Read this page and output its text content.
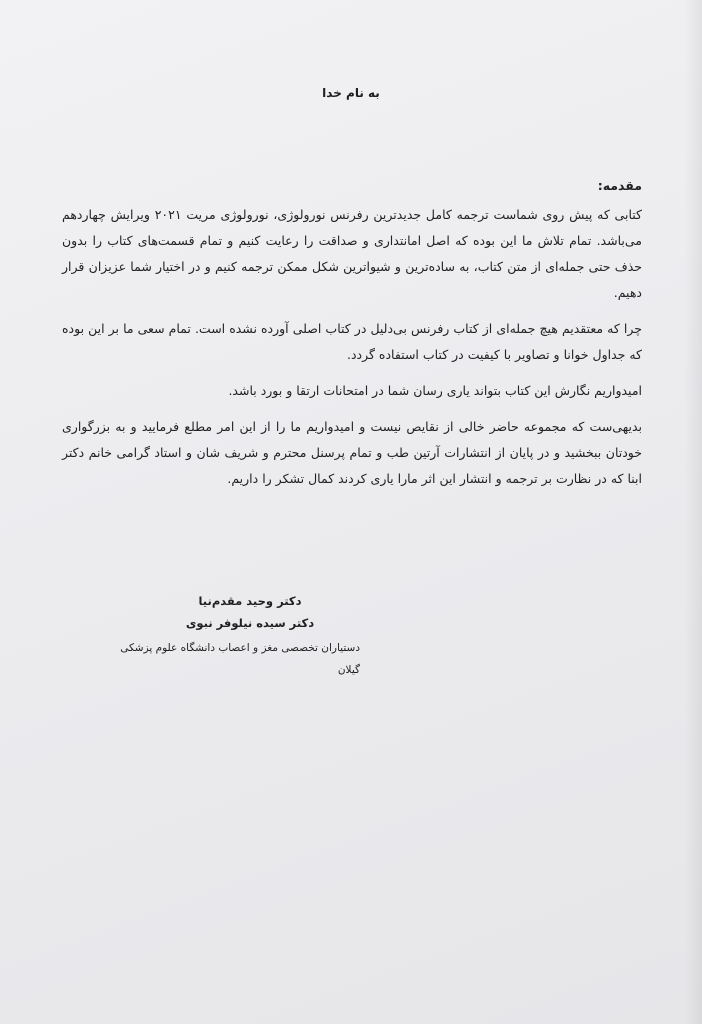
به نام خدا
مقدمه:

کتابی که پیش روی شماست ترجمه کامل جدیدترین رفرنس نورولوژی، نورولوژی مریت ۲۰۲۱ ویرایش چهاردهم می‌باشد. تمام تلاش ما این بوده که اصل امانتداری و صداقت را رعایت کنیم و تمام قسمت‌های کتاب را بدون حذف حتی جمله‌ای از متن کتاب، به ساده‌ترین و شیواترین شکل ممکن ترجمه کنیم و در اختیار شما عزیزان قرار دهیم.

چرا که معتقدیم هیچ جمله‌ای از کتاب رفرنس بی‌دلیل در کتاب اصلی آورده نشده است. تمام سعی ما بر این بوده که جداول خوانا و تصاویر با کیفیت در کتاب استفاده گردد.

امیدواریم نگارش این کتاب بتواند یاری رسان شما در امتحانات ارتقا و بورد باشد.

بدیهی‌ست که مجموعه حاضر خالی از نقایص نیست و امیدواریم ما را از این امر مطلع فرمایید و به بزرگواری خودتان ببخشید و در پایان از انتشارات آرتین طب و تمام پرسنل محترم و شریف شان و استاد گرامی خانم دکتر ابنا که در نظارت بر ترجمه و انتشار این اثر مارا یاری کردند کمال تشکر را داریم.

دکتر وحید مقدم‌نیا
دکتر سیده نیلوفر نبوی
دستیاران تخصصی مغز و اعصاب دانشگاه علوم پزشکی گیلان
